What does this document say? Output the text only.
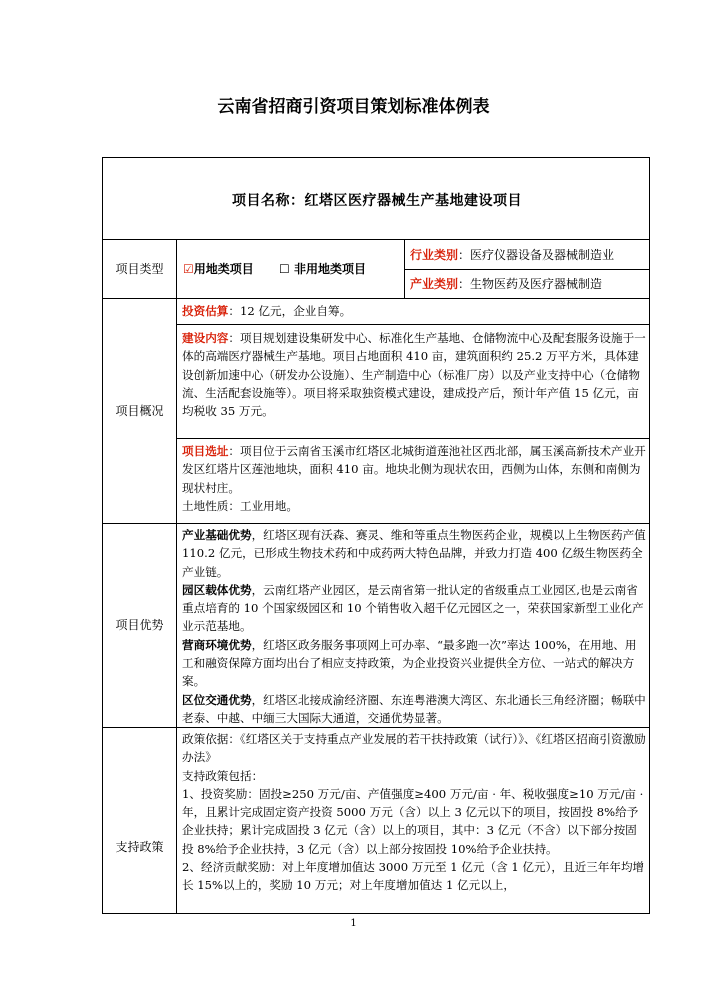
云南省招商引资项目策划标准体例表
项目名称：红塔区医疗器械生产基地建设项目
项目类型	☑用地类项目 ☐ 非用地类项目
行业类别：医疗仪器设备及器械制造业
产业类别：生物医药及医疗器械制造
项目概况
投资估算：12 亿元，企业自筹。
建设内容：项目规划建设集研发中心、标准化生产基地、仓储物流中心及配套服务设施于一体的高端医疗器械生产基地。项目占地面积 410 亩，建筑面积约 25.2 万平方米，具体建设创新加速中心（研发办公设施）、生产制造中心（标准厂房）以及产业支持中心（仓储物流、生活配套设施等）。项目将采取独资模式建设，建成投产后，预计年产值 15 亿元，亩均税收 35 万元。
项目选址：项目位于云南省玉溪市红塔区北城街道莲池社区西北部，属玉溪高新技术产业开发区红塔片区莲池地块，面积 410 亩。地块北侧为现状农田，西侧为山体，东侧和南侧为现状村庄。
土地性质：工业用地。
项目优势
产业基础优势，红塔区现有沃森、赛灵、维和等重点生物医药企业，规模以上生物医药产值 110.2 亿元，已形成生物技术药和中成药两大特色品牌，并致力打造 400 亿级生物医药全产业链。
园区载体优势，云南红塔产业园区，是云南省第一批认定的省级重点工业园区,也是云南省重点培育的 10 个国家级园区和 10 个销售收入超千亿元园区之一，荣获国家新型工业化产业示范基地。
营商环境优势，红塔区政务服务事项网上可办率、“最多跑一次”率达 100%，在用地、用工和融资保障方面均出台了相应支持政策，为企业投资兴业提供全方位、一站式的解决方案。
区位交通优势，红塔区北接成渝经济圈、东连粤港澳大湾区、东北通长三角经济圈；畅联中老泰、中越、中缅三大国际大通道，交通优势显著。
支持政策
政策依据：《红塔区关于支持重点产业发展的若干扶持政策（试行）》、《红塔区招商引资激励办法》
支持政策包括：
1、投资奖励：固投≥250 万元/亩、产值强度≥400 万元/亩 · 年、税收强度≥10 万元/亩 · 年，且累计完成固定资产投资 5000 万元（含）以上 3 亿元以下的项目，按固投 8%给予企业扶持；累计完成固投 3 亿元（含）以上的项目，其中：3 亿元（不含）以下部分按固投 8%给予企业扶持，3 亿元（含）以上部分按固投 10%给予企业扶持。
2、经济贡献奖励：对上年度增加值达 3000 万元至 1 亿元（含 1 亿元），且近三年年均增长 15%以上的，奖励 10 万元；对上年度增加值达 1 亿元以上，
1
